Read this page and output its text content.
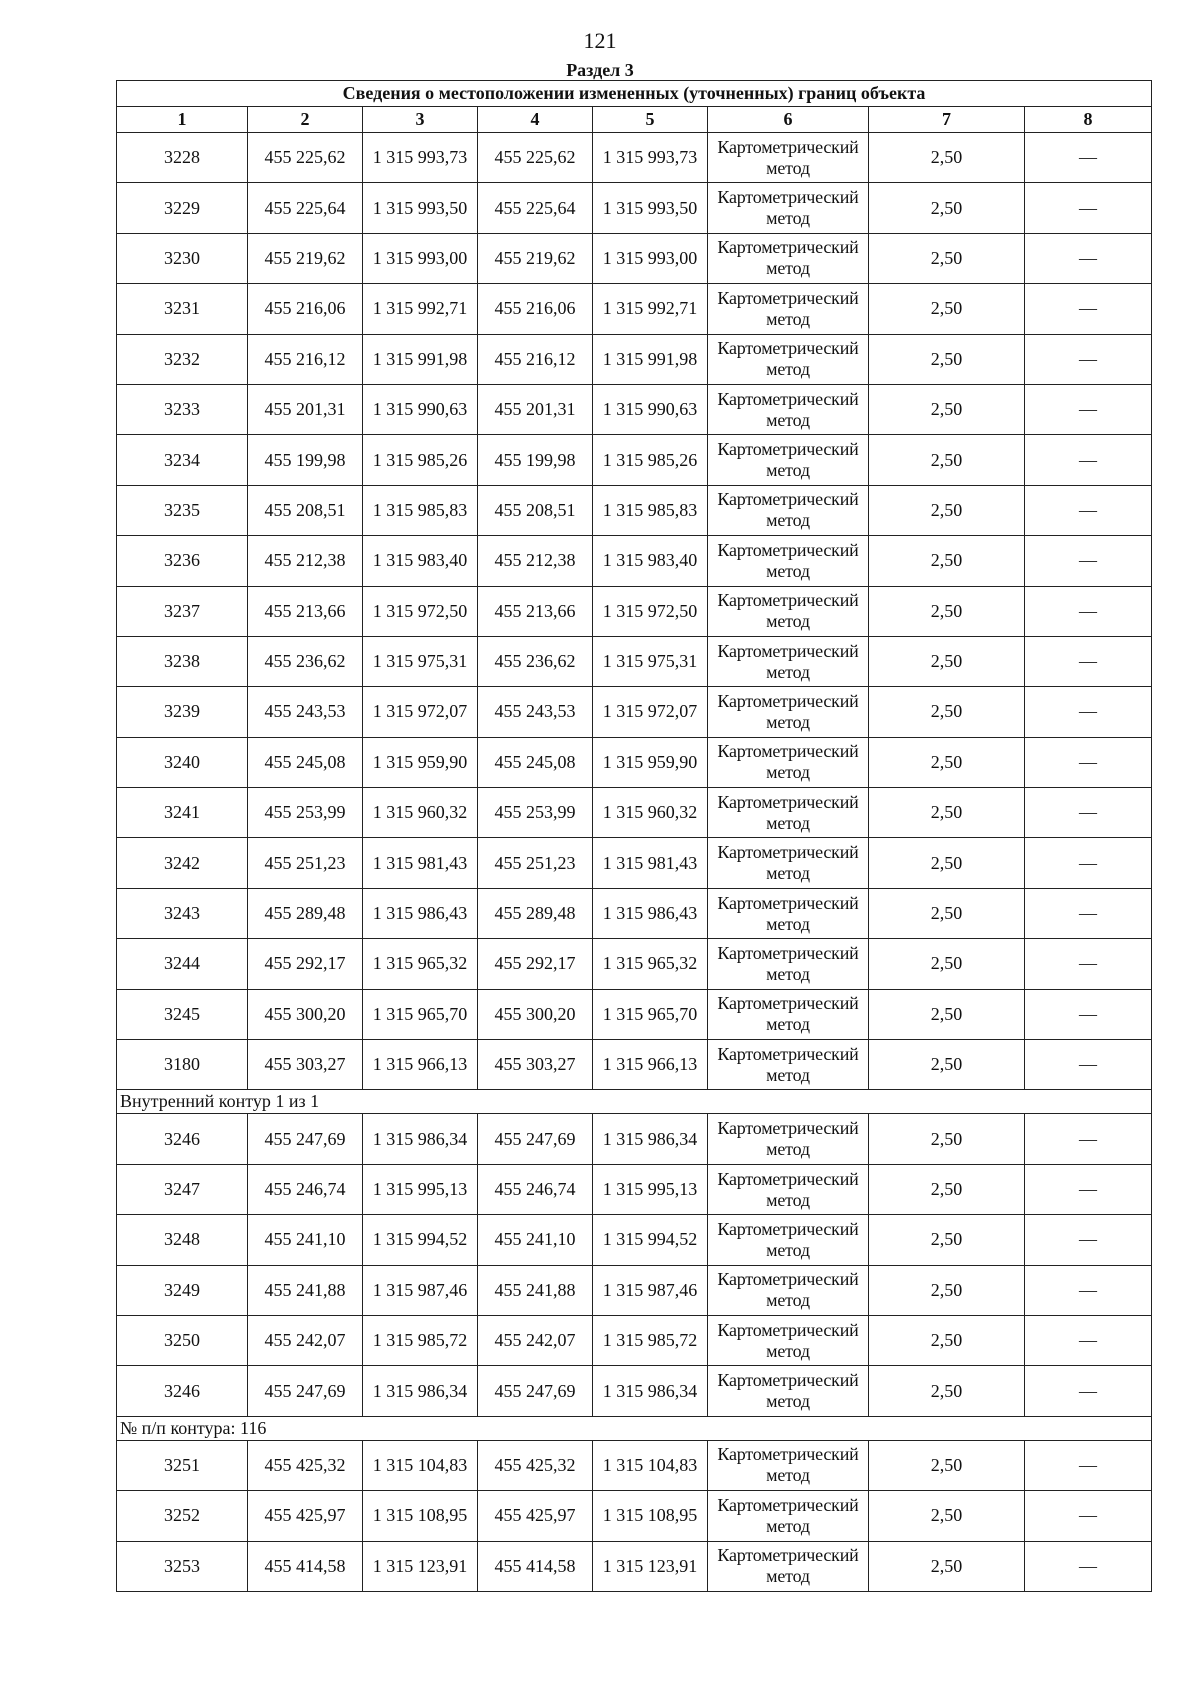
121
Раздел 3
Сведения о местоположении измененных (уточненных) границ объекта							
1	2	3	4	5	6	7	8
3228	455 225,62	1 315 993,73	455 225,62	1 315 993,73	Картометрический метод	2,50	—
3229	455 225,64	1 315 993,50	455 225,64	1 315 993,50	Картометрический метод	2,50	—
3230	455 219,62	1 315 993,00	455 219,62	1 315 993,00	Картометрический метод	2,50	—
3231	455 216,06	1 315 992,71	455 216,06	1 315 992,71	Картометрический метод	2,50	—
3232	455 216,12	1 315 991,98	455 216,12	1 315 991,98	Картометрический метод	2,50	—
3233	455 201,31	1 315 990,63	455 201,31	1 315 990,63	Картометрический метод	2,50	—
3234	455 199,98	1 315 985,26	455 199,98	1 315 985,26	Картометрический метод	2,50	—
3235	455 208,51	1 315 985,83	455 208,51	1 315 985,83	Картометрический метод	2,50	—
3236	455 212,38	1 315 983,40	455 212,38	1 315 983,40	Картометрический метод	2,50	—
3237	455 213,66	1 315 972,50	455 213,66	1 315 972,50	Картометрический метод	2,50	—
3238	455 236,62	1 315 975,31	455 236,62	1 315 975,31	Картометрический метод	2,50	—
3239	455 243,53	1 315 972,07	455 243,53	1 315 972,07	Картометрический метод	2,50	—
3240	455 245,08	1 315 959,90	455 245,08	1 315 959,90	Картометрический метод	2,50	—
3241	455 253,99	1 315 960,32	455 253,99	1 315 960,32	Картометрический метод	2,50	—
3242	455 251,23	1 315 981,43	455 251,23	1 315 981,43	Картометрический метод	2,50	—
3243	455 289,48	1 315 986,43	455 289,48	1 315 986,43	Картометрический метод	2,50	—
3244	455 292,17	1 315 965,32	455 292,17	1 315 965,32	Картометрический метод	2,50	—
3245	455 300,20	1 315 965,70	455 300,20	1 315 965,70	Картометрический метод	2,50	—
3180	455 303,27	1 315 966,13	455 303,27	1 315 966,13	Картометрический метод	2,50	—
Внутренний контур 1 из 1							
3246	455 247,69	1 315 986,34	455 247,69	1 315 986,34	Картометрический метод	2,50	—
3247	455 246,74	1 315 995,13	455 246,74	1 315 995,13	Картометрический метод	2,50	—
3248	455 241,10	1 315 994,52	455 241,10	1 315 994,52	Картометрический метод	2,50	—
3249	455 241,88	1 315 987,46	455 241,88	1 315 987,46	Картометрический метод	2,50	—
3250	455 242,07	1 315 985,72	455 242,07	1 315 985,72	Картометрический метод	2,50	—
3246	455 247,69	1 315 986,34	455 247,69	1 315 986,34	Картометрический метод	2,50	—
№ п/п контура: 116							
3251	455 425,32	1 315 104,83	455 425,32	1 315 104,83	Картометрический метод	2,50	—
3252	455 425,97	1 315 108,95	455 425,97	1 315 108,95	Картометрический метод	2,50	—
3253	455 414,58	1 315 123,91	455 414,58	1 315 123,91	Картометрический метод	2,50	—
